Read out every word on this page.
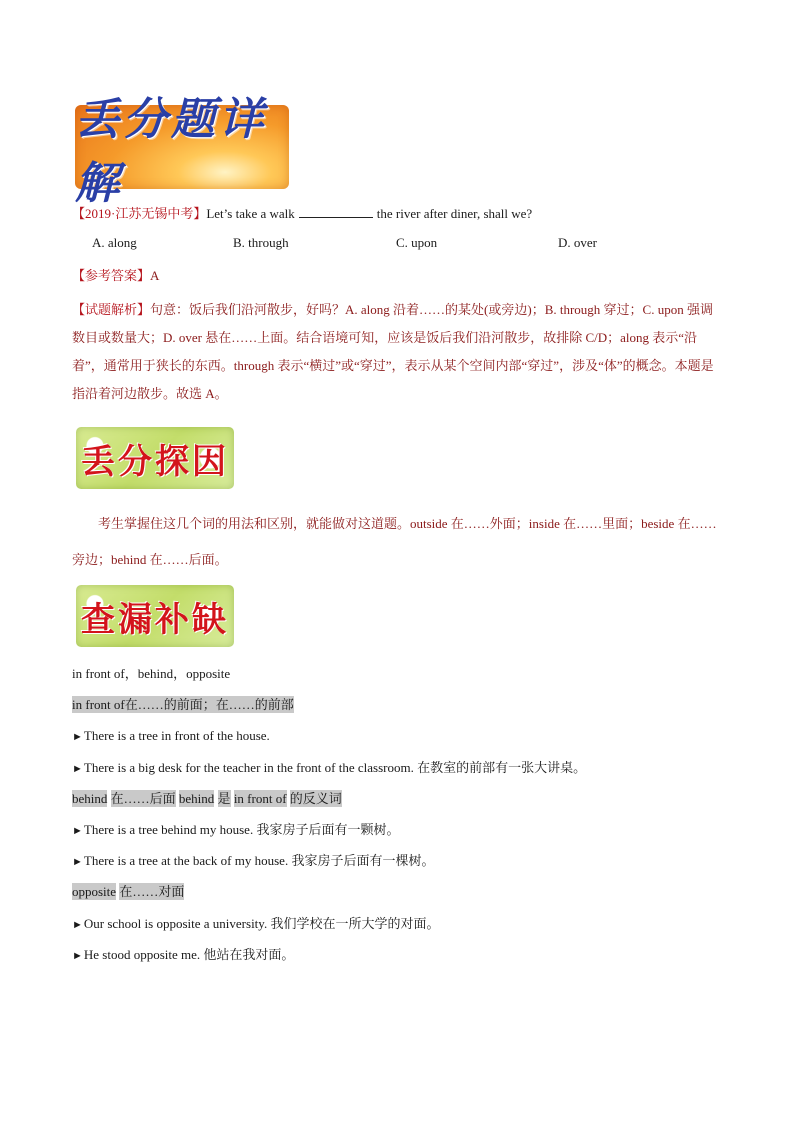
丢分题详解
【2019·江苏无锡中考】Let’s take a walk	the river after diner, shall we?
A. along	B. through	C. upon	D. over
【参考答案】A
【试题解析】句意：饭后我们沿河散步，好吗？A. along 沿着……的某处(或旁边)；B. through 穿过；C. upon 强调数目或数量大；D. over 悬在……上面。结合语境可知，应该是饭后我们沿河散步，故排除 C/D；along 表示“沿着”，通常用于狭长的东西。through 表示“横过”或“穿过”，表示从某个空间内部“穿过”，涉及“体”的概念。本题是指沿着河边散步。故选 A。
丢分探因
考生掌握住这几个词的用法和区别，就能做对这道题。outside 在……外面；inside 在……里面；beside 在……旁边；behind 在……后面。
查漏补缺
in front of，behind，opposite
in front of在……的前面；在……的前部
►There is a tree in front of the house.
►There is a big desk for the teacher in the front of the classroom. 在教室的前部有一张大讲桌。
behind 在……后面 behind 是 in front of 的反义词
►There is a tree behind my house. 我家房子后面有一颗树。
►There is a tree at the back of my house. 我家房子后面有一棵树。
opposite 在……对面
►Our school is opposite a university. 我们学校在一所大学的对面。
►He stood opposite me. 他站在我对面。
